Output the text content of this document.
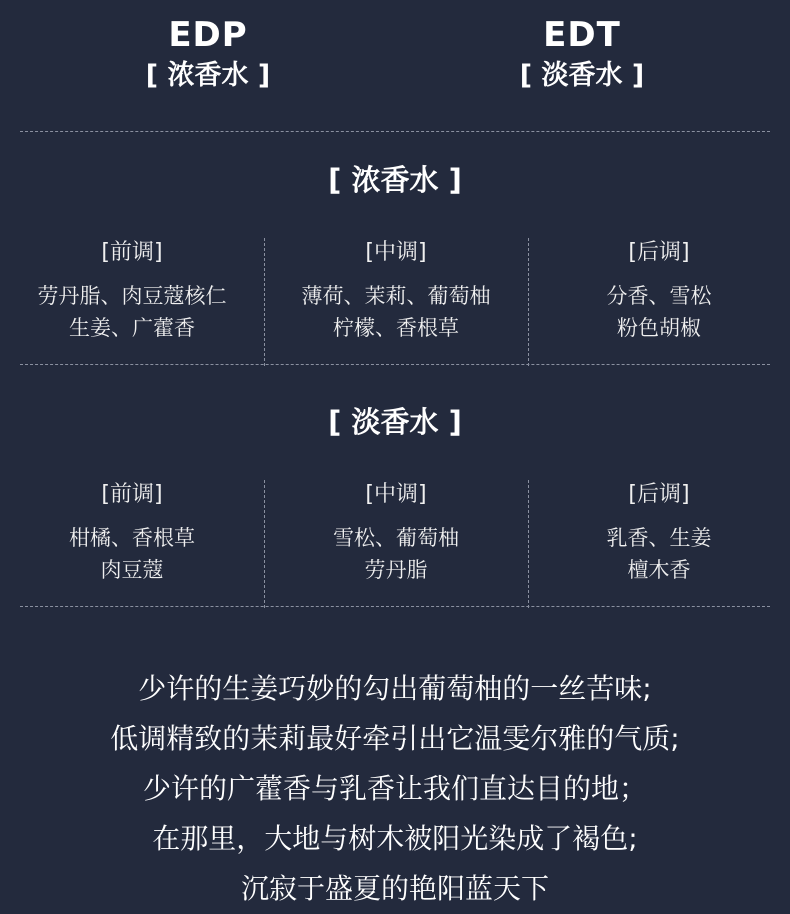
EDP
[ 浓香水 ]
EDT
[ 淡香水 ]
[ 浓香水 ]
[前调]
劳丹脂、肉豆蔻核仁
生姜、广藿香
[中调]
薄荷、茉莉、葡萄柚
柠檬、香根草
[后调]
分香、雪松
粉色胡椒
[ 淡香水 ]
[前调]
柑橘、香根草
肉豆蔻
[中调]
雪松、葡萄柚
劳丹脂
[后调]
乳香、生姜
檀木香
少许的生姜巧妙的勾出葡萄柚的一丝苦味;
低调精致的茉莉最好牵引出它温雯尔雅的气质;
少许的广藿香与乳香让我们直达目的地；
在那里，大地与树木被阳光染成了褐色;
沉寂于盛夏的艳阳蓝天下
